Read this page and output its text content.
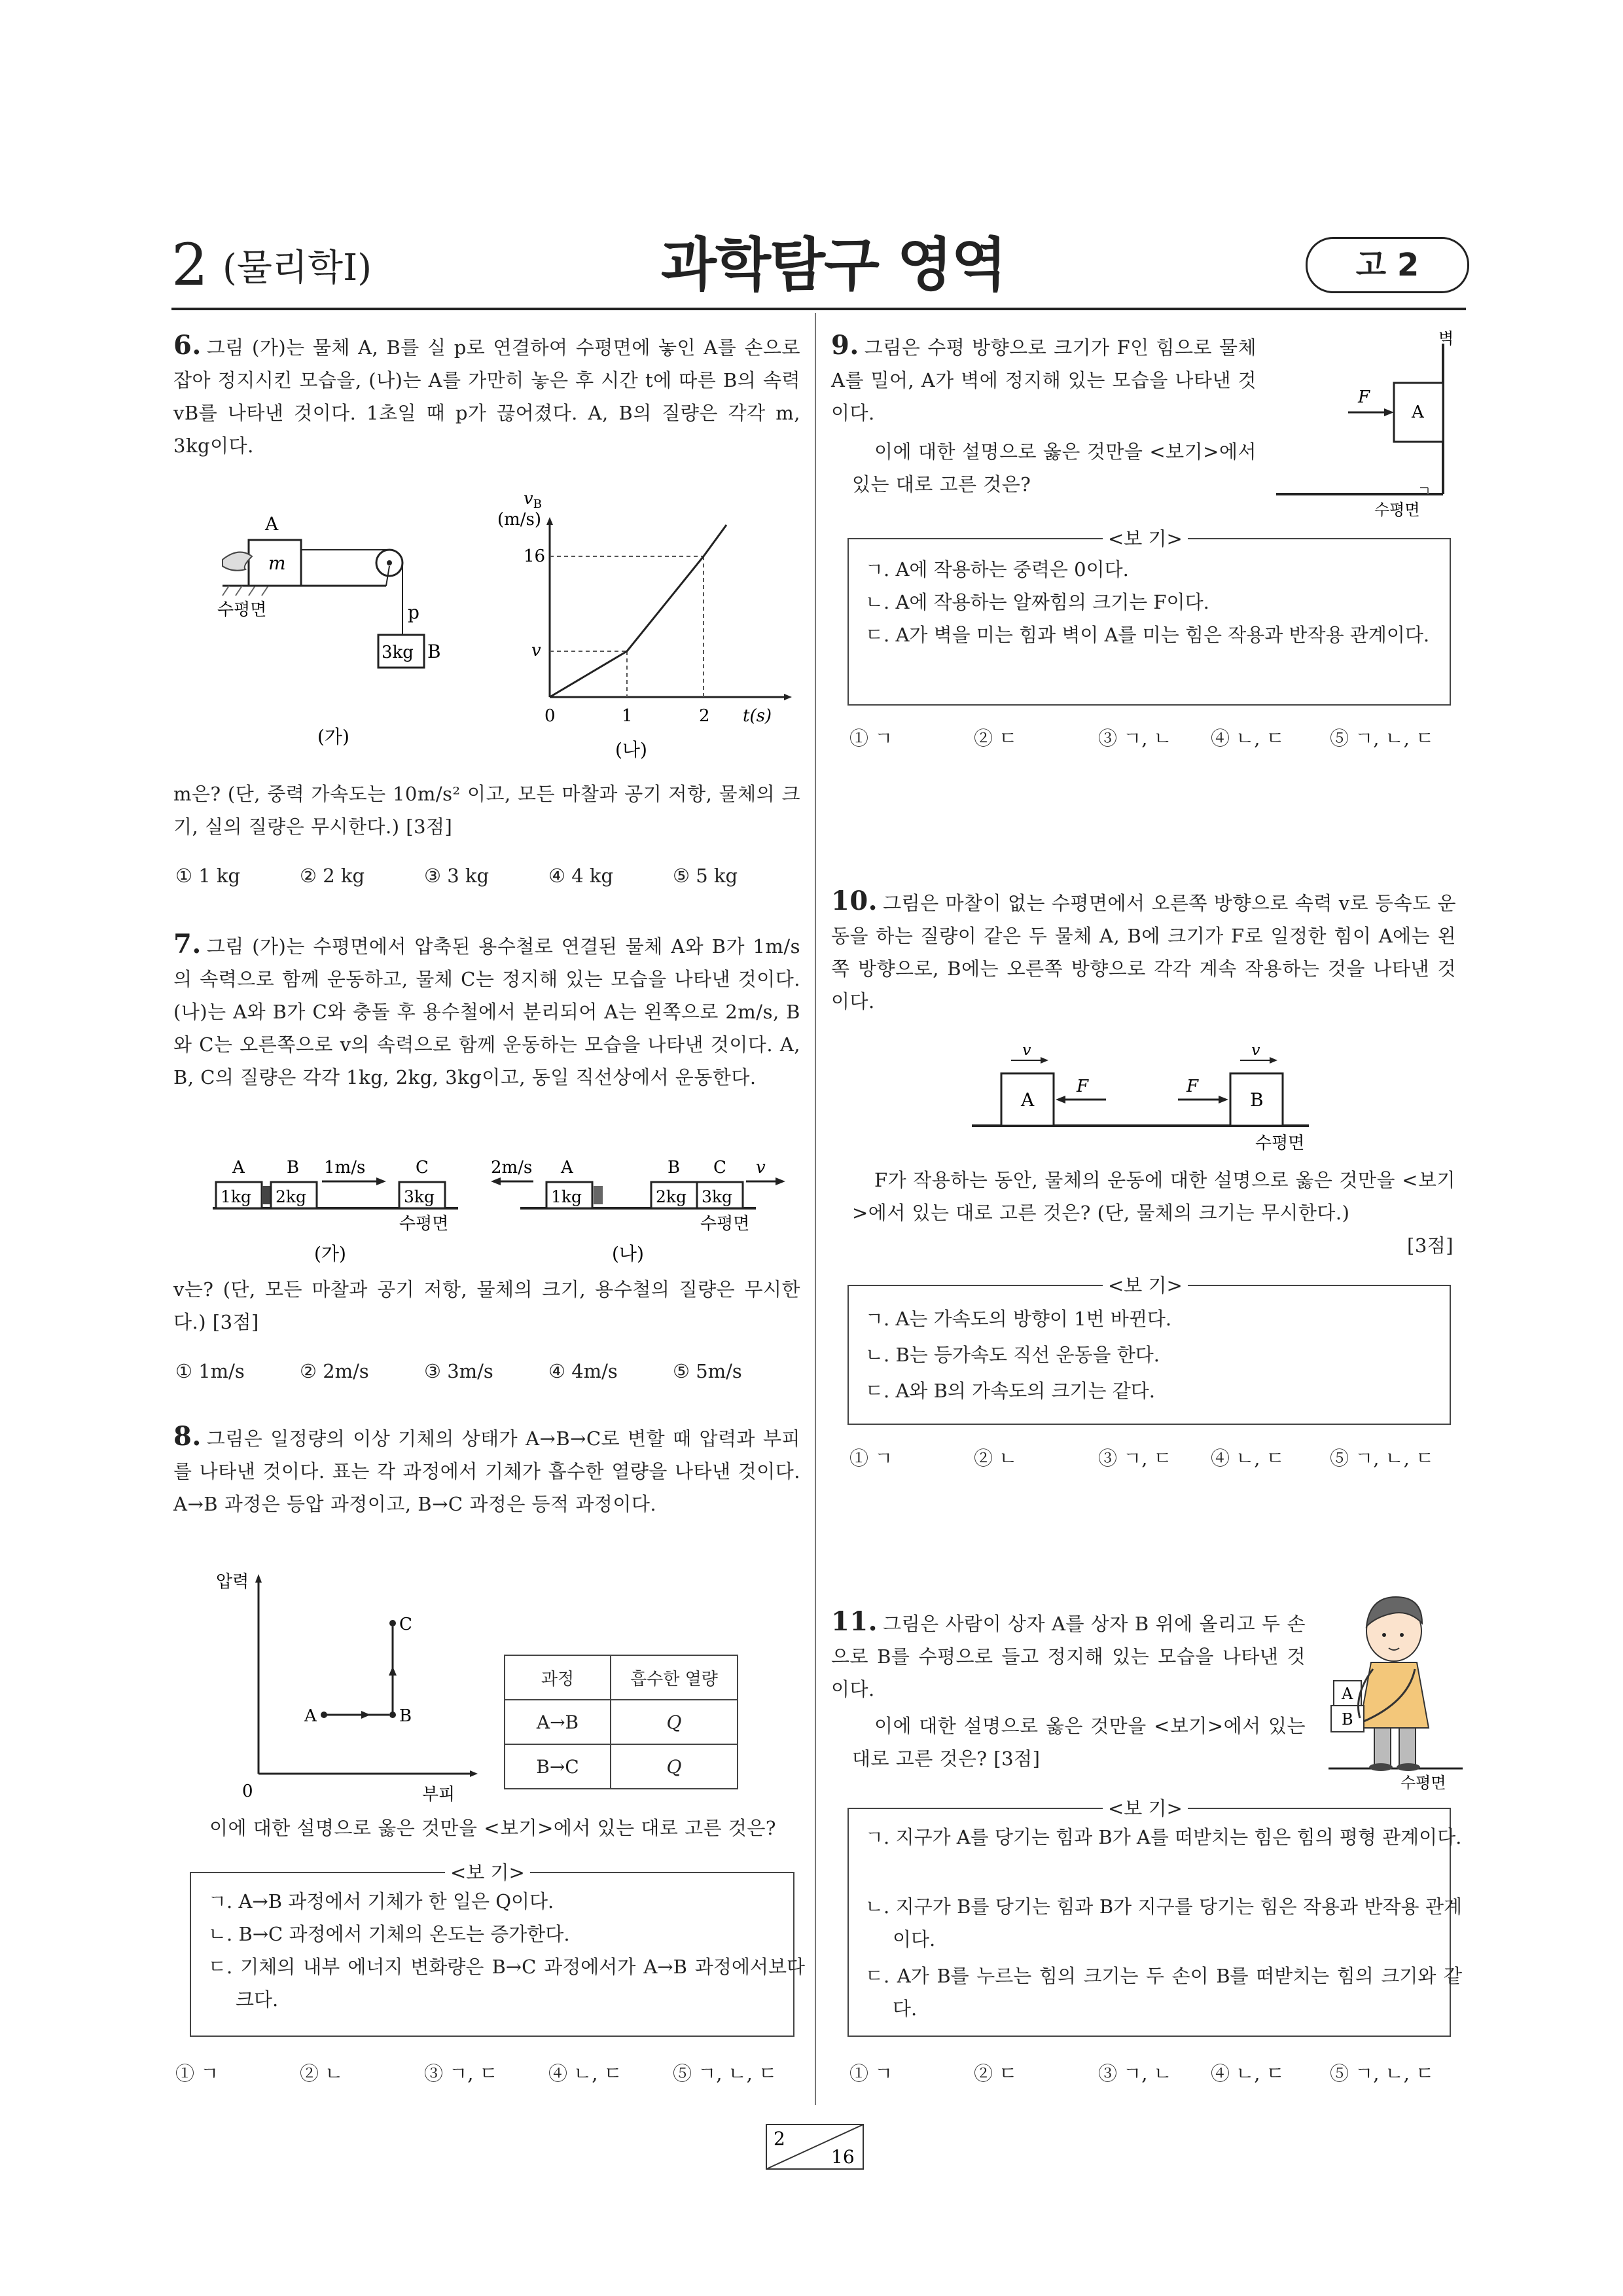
2 (물리학Ⅰ)	과학탐구 영역	고 2
6. 그림 (가)는 물체 A, B를 실 p로 연결하여 수평면에 놓인 A를 손으로 잡아 정지시킨 모습을, (나)는 A를 가만히 놓은 후 시간 t에 따른 B의 속력 vB를 나타낸 것이다. 1초일 때 p가 끊어졌다. A, B의 질량은 각각 m, 3kg이다.
A
m
수평면	p
3kg B
(가)
$v_B$
(m/s)
16
v
0	1	2 t(s)
(나)
m은? (단, 중력 가속도는 10m/s² 이고, 모든 마찰과 공기 저항, 물체의 크기, 실의 질량은 무시한다.) [3점]
① 1 kg	② 2 kg	③ 3 kg	④ 4 kg	⑤ 5 kg
7. 그림 (가)는 수평면에서 압축된 용수철로 연결된 물체 A와 B가 1m/s의 속력으로 함께 운동하고, 물체 C는 정지해 있는 모습을 나타낸 것이다. (나)는 A와 B가 C와 충돌 후 용수철에서 분리되어 A는 왼쪽으로 2m/s, B와 C는 오른쪽으로 v의 속력으로 함께 운동하는 모습을 나타낸 것이다. A, B, C의 질량은 각각 1kg, 2kg, 3kg이고, 동일 직선상에서 운동한다.
A B	C
1kg 2kg	3kg
1m/s
수평면
(가)
2m/s A	B C
1kg	2kg 3kg
v
수평면
(나)
v는? (단, 모든 마찰과 공기 저항, 물체의 크기, 용수철의 질량은 무시한다.) [3점]
① 1m/s	② 2m/s	③ 3m/s	④ 4m/s	⑤ 5m/s
8. 그림은 일정량의 이상 기체의 상태가 A→B→C로 변할 때 압력과 부피를 나타낸 것이다. 표는 각 과정에서 기체가 흡수한 열량을 나타낸 것이다. A→B 과정은 등압 과정이고, B→C 과정은 등적 과정이다.
압력
부피
0
A	B
C
과정	흡수한 열량
A→B	Q
B→C	Q
이에 대한 설명으로 옳은 것만을 <보기>에서 있는 대로 고른 것은?
<보 기>
ㄱ. A→B 과정에서 기체가 한 일은 Q이다.
ㄴ. B→C 과정에서 기체의 온도는 증가한다.
ㄷ. 기체의 내부 에너지 변화량은 B→C 과정에서가 A→B 과정에서보다 크다.
① ㄱ	② ㄴ	③ ㄱ, ㄷ	④ ㄴ, ㄷ	⑤ ㄱ, ㄴ, ㄷ
9. 그림은 수평 방향으로 크기가 F인 힘으로 물체 A를 밀어, A가 벽에 정지해 있는 모습을 나타낸 것이다.
이에 대한 설명으로 옳은 것만을 <보기>에서 있는 대로 고른 것은?
벽
F
A
수평면
<보 기>
ㄱ. A에 작용하는 중력은 0이다.
ㄴ. A에 작용하는 알짜힘의 크기는 F이다.
ㄷ. A가 벽을 미는 힘과 벽이 A를 미는 힘은 작용과 반작용 관계이다.
① ㄱ	② ㄷ	③ ㄱ, ㄴ ④ ㄴ, ㄷ ⑤ ㄱ, ㄴ, ㄷ
10. 그림은 마찰이 없는 수평면에서 오른쪽 방향으로 속력 v로 등속도 운동을 하는 질량이 같은 두 물체 A, B에 크기가 F로 일정한 힘이 A에는 왼쪽 방향으로, B에는 오른쪽 방향으로 각각 계속 작용하는 것을 나타낸 것이다.
v	v
A	B
F	F
수평면
F가 작용하는 동안, 물체의 운동에 대한 설명으로 옳은 것만을 <보기>에서 있는 대로 고른 것은? (단, 물체의 크기는 무시한다.)
[3점]
<보 기>
ㄱ. A는 가속도의 방향이 1번 바뀐다.
ㄴ. B는 등가속도 직선 운동을 한다.
ㄷ. A와 B의 가속도의 크기는 같다.
① ㄱ	② ㄴ	③ ㄱ, ㄷ ④ ㄴ, ㄷ ⑤ ㄱ, ㄴ, ㄷ
11. 그림은 사람이 상자 A를 상자 B 위에 올리고 두 손으로 B를 수평으로 들고 정지해 있는 모습을 나타낸 것이다.
이에 대한 설명으로 옳은 것만을 <보기>에서 있는 대로 고른 것은? [3점]
A
B
수평면
<보 기>
ㄱ. 지구가 A를 당기는 힘과 B가 A를 떠받치는 힘은 힘의 평형 관계이다.
ㄴ. 지구가 B를 당기는 힘과 B가 지구를 당기는 힘은 작용과 반작용 관계이다.
ㄷ. A가 B를 누르는 힘의 크기는 두 손이 B를 떠받치는 힘의 크기와 같다.
① ㄱ	② ㄷ	③ ㄱ, ㄴ ④ ㄴ, ㄷ ⑤ ㄱ, ㄴ, ㄷ
2
16
